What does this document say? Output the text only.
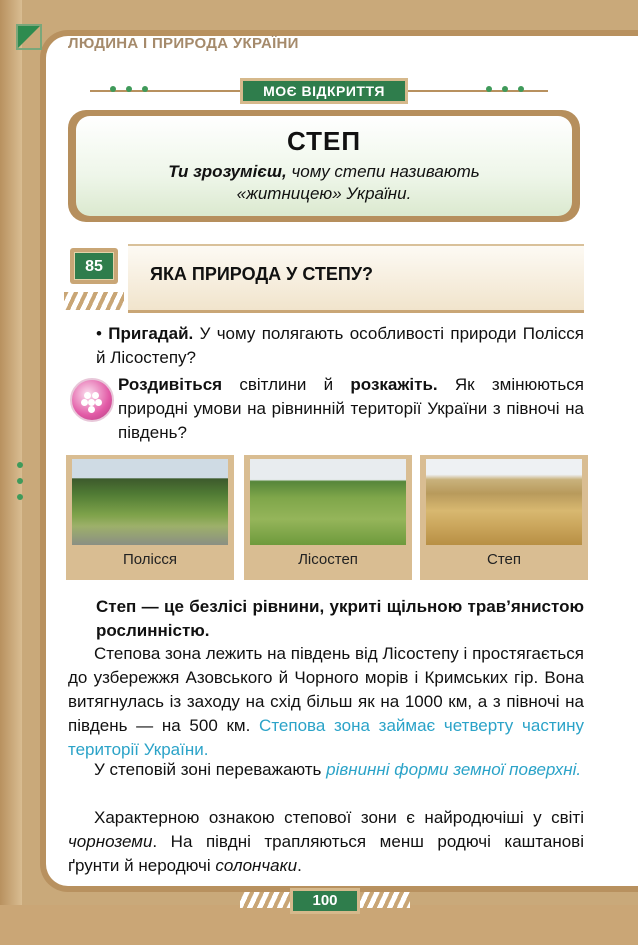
ЛЮДИНА І ПРИРОДА УКРАЇНИ
МОЄ ВІДКРИТТЯ
СТЕП
Ти зрозумієш, чому степи називають
«житницею» України.
85	ЯКА ПРИРОДА У СТЕПУ?
• Пригадай. У чому полягають особливості природи Полісся й Лісостепу?
Роздивіться світлини й розкажіть. Як змінюються природні умови на рівнинній території України з півночі на південь?
Полісся	Лісостеп	Степ
Степ — це безлісі рівнини, укриті щільною трав’янистою рослинністю.
Степова зона лежить на південь від Лісостепу і простягається до узбережжя Азовського й Чорного морів і Кримських гір. Вона витягнулась із заходу на схід більш як на 1000 км, а з півночі на південь — на 500 км. Степова зона займає четверту частину території України.
У степовій зоні переважають рівнинні форми земної поверхні.
Характерною ознакою степової зони є найродючіші у світі чорноземи. На півдні трапляються менш родючі каштанові ґрунти й неродючі солончаки.
100
